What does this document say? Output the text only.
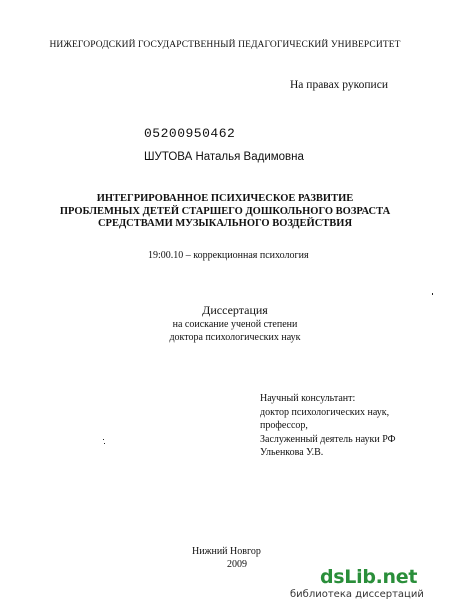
НИЖЕГОРОДСКИЙ ГОСУДАРСТВЕННЫЙ ПЕДАГОГИЧЕСКИЙ УНИВЕРСИТЕТ
На правах рукописи
05200950462
ШУТОВА Наталья Вадимовна
ИНТЕГРИРОВАННОЕ ПСИХИЧЕСКОЕ РАЗВИТИЕ
ПРОБЛЕМНЫХ ДЕТЕЙ СТАРШЕГО ДОШКОЛЬНОГО ВОЗРАСТА
СРЕДСТВАМИ МУЗЫКАЛЬНОГО ВОЗДЕЙСТВИЯ
19:00.10 – коррекционная психология
Диссертация
на соискание ученой степени
доктора психологических наук
Научный консультант:
доктор психологических наук,
профессор,
Заслуженный деятель науки РФ
Ульенкова У.В.
Нижний Новгор
2009
dsLib.net
библиотека диссертаций
